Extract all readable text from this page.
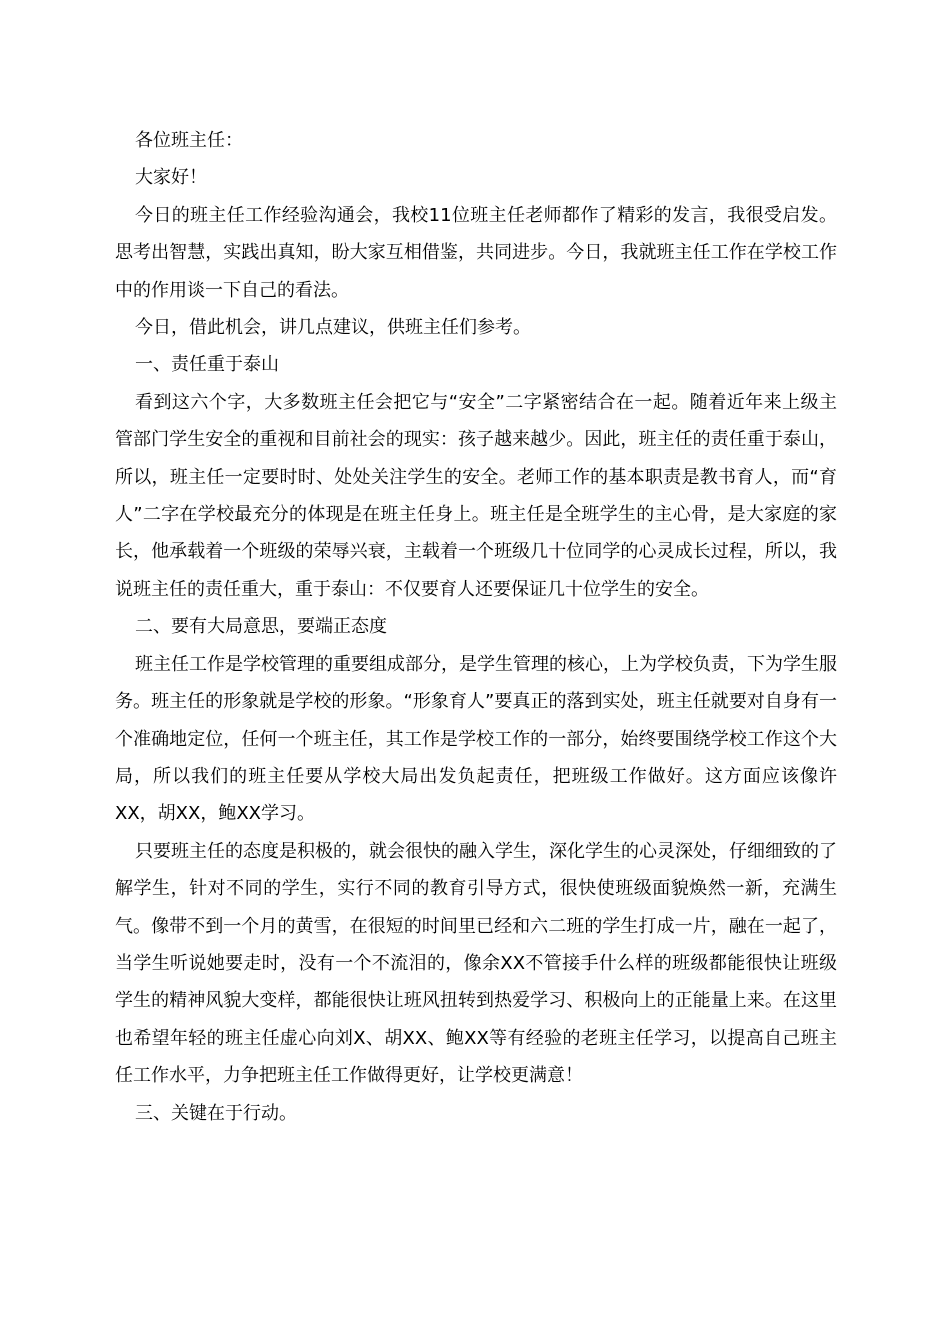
各位班主任：

大家好！

今日的班主任工作经验沟通会，我校11位班主任老师都作了精彩的发言，我很受启发。思考出智慧，实践出真知，盼大家互相借鉴，共同进步。今日，我就班主任工作在学校工作中的作用谈一下自己的看法。

今日，借此机会，讲几点建议，供班主任们参考。

一、责任重于泰山

看到这六个字，大多数班主任会把它与“安全”二字紧密结合在一起。随着近年来上级主管部门学生安全的重视和目前社会的现实：孩子越来越少。因此，班主任的责任重于泰山，所以，班主任一定要时时、处处关注学生的安全。老师工作的基本职责是教书育人，而“育人”二字在学校最充分的体现是在班主任身上。班主任是全班学生的主心骨，是大家庭的家长，他承载着一个班级的荣辱兴衰，主载着一个班级几十位同学的心灵成长过程，所以，我说班主任的责任重大，重于泰山：不仅要育人还要保证几十位学生的安全。

二、要有大局意思，要端正态度

班主任工作是学校管理的重要组成部分，是学生管理的核心，上为学校负责，下为学生服务。班主任的形象就是学校的形象。“形象育人”要真正的落到实处，班主任就要对自身有一个准确地定位，任何一个班主任，其工作是学校工作的一部分，始终要围绕学校工作这个大局，所以我们的班主任要从学校大局出发负起责任，把班级工作做好。这方面应该像许XX，胡XX，鲍XX学习。

只要班主任的态度是积极的，就会很快的融入学生，深化学生的心灵深处，仔细细致的了解学生，针对不同的学生，实行不同的教育引导方式，很快使班级面貌焕然一新，充满生气。像带不到一个月的黄雪，在很短的时间里已经和六二班的学生打成一片，融在一起了，当学生听说她要走时，没有一个不流泪的，像余XX不管接手什么样的班级都能很快让班级学生的精神风貌大变样，都能很快让班风扭转到热爱学习、积极向上的正能量上来。在这里也希望年轻的班主任虚心向刘X、胡XX、鲍XX等有经验的老班主任学习，以提高自己班主任工作水平，力争把班主任工作做得更好，让学校更满意！

三、关键在于行动。
